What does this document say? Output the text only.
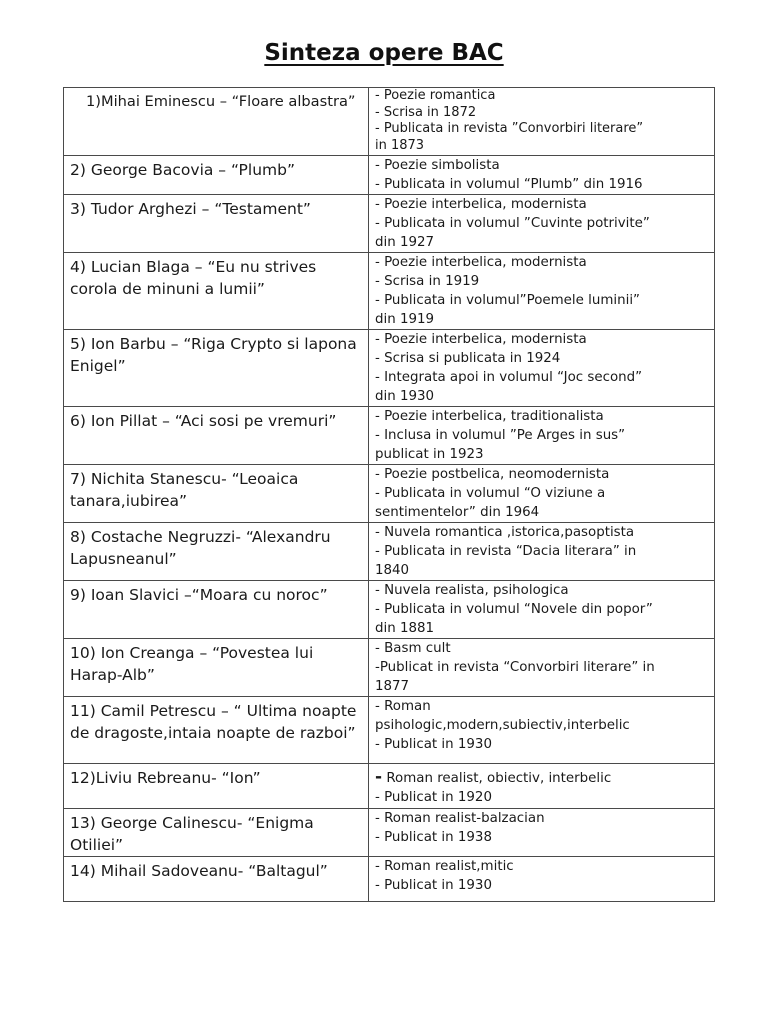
Sinteza opere BAC
1)Mihai Eminescu – “Floare albastra”	- Poezie romantica
- Scrisa in 1872
- Publicata in revista ”Convorbiri literare”
in 1873

2) George Bacovia – “Plumb”	- Poezie simbolista
- Publicata in volumul “Plumb” din 1916

3) Tudor Arghezi – “Testament”	- Poezie interbelica, modernista
- Publicata in volumul ”Cuvinte potrivite”
din 1927

4) Lucian Blaga – “Eu nu strives corola de minuni a lumii”	- Poezie interbelica, modernista
- Scrisa in 1919
- Publicata in volumul”Poemele luminii”
din 1919

5) Ion Barbu – “Riga Crypto si lapona Enigel”	- Poezie interbelica, modernista
- Scrisa si publicata in 1924
- Integrata apoi in volumul “Joc second”
din 1930

6) Ion Pillat – “Aci sosi pe vremuri”	- Poezie interbelica, traditionalista
- Inclusa in volumul ”Pe Arges in sus”
publicat in 1923

7) Nichita Stanescu- “Leoaica tanara,iubirea”	- Poezie postbelica, neomodernista
- Publicata in volumul “O viziune a
sentimentelor” din 1964

8) Costache Negruzzi- “Alexandru Lapusneanul”	- Nuvela romantica ,istorica,pasoptista
- Publicata in revista “Dacia literara” in
1840

9) Ioan Slavici –“Moara cu noroc”	- Nuvela realista, psihologica
- Publicata in volumul “Novele din popor”
din 1881

10) Ion Creanga – “Povestea lui Harap-Alb”	- Basm cult
-Publicat in revista “Convorbiri literare” in
1877

11) Camil Petrescu – “ Ultima noapte de dragoste,intaia noapte de razboi”	- Roman
psihologic,modern,subiectiv,interbelic
- Publicat in 1930

12)Liviu Rebreanu- “Ion”	- Roman realist, obiectiv, interbelic
- Publicat in 1920

13) George Calinescu- “Enigma Otiliei”	- Roman realist-balzacian
- Publicat in 1938

14) Mihail Sadoveanu- “Baltagul”	- Roman realist,mitic
- Publicat in 1930
